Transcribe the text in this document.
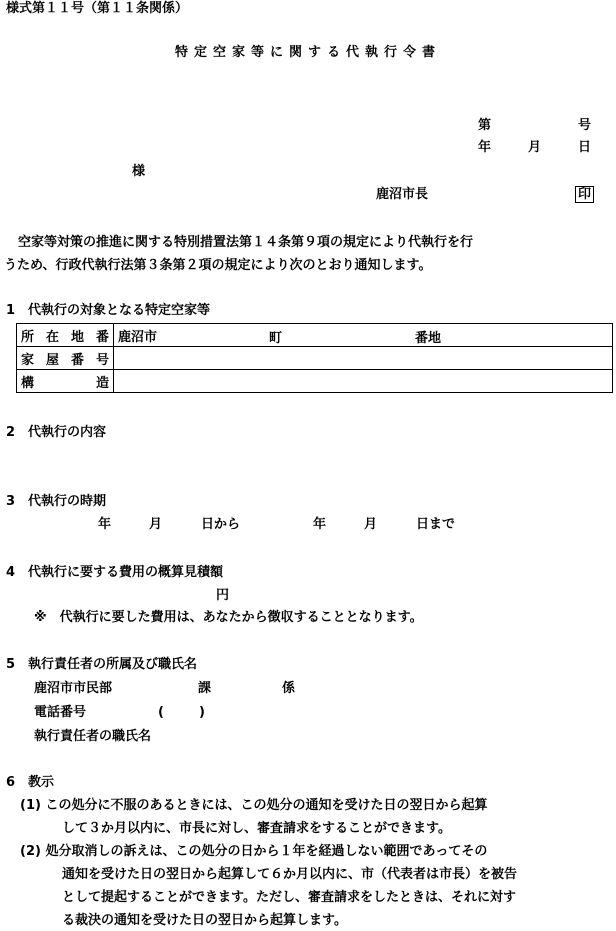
様式第１１号（第１１条関係）
特定空家等に関する代執行令書
第	号
年	月	日
様
鹿沼市長	印
空家等対策の推進に関する特別措置法第１４条第９項の規定により代執行を行
うため、行政代執行法第３条第２項の規定により次のとおり通知します。
1　代執行の対象となる特定空家等
所 在 地 番	鹿沼市 町 番地

家 屋 番 号	

構 造	

2　代執行の内容
3　代執行の時期
年	月	日から	年	月	日まで
4　代執行に要する費用の概算見積額
円
※　代執行に要した費用は、あなたから徴収することとなります。
5　執行責任者の所属及び職氏名
鹿沼市市民部	課	係
電話番号	(	)
執行責任者の職氏名
6　教示
(1) この処分に不服のあるときには、この処分の通知を受けた日の翌日から起算
して３か月以内に、市長に対し、審査請求をすることができます。
(2) 処分取消しの訴えは、この処分の日から１年を経過しない範囲であってその
通知を受けた日の翌日から起算して６か月以内に、市（代表者は市長）を被告
として提起することができます。ただし、審査請求をしたときは、それに対す
る裁決の通知を受けた日の翌日から起算します。
